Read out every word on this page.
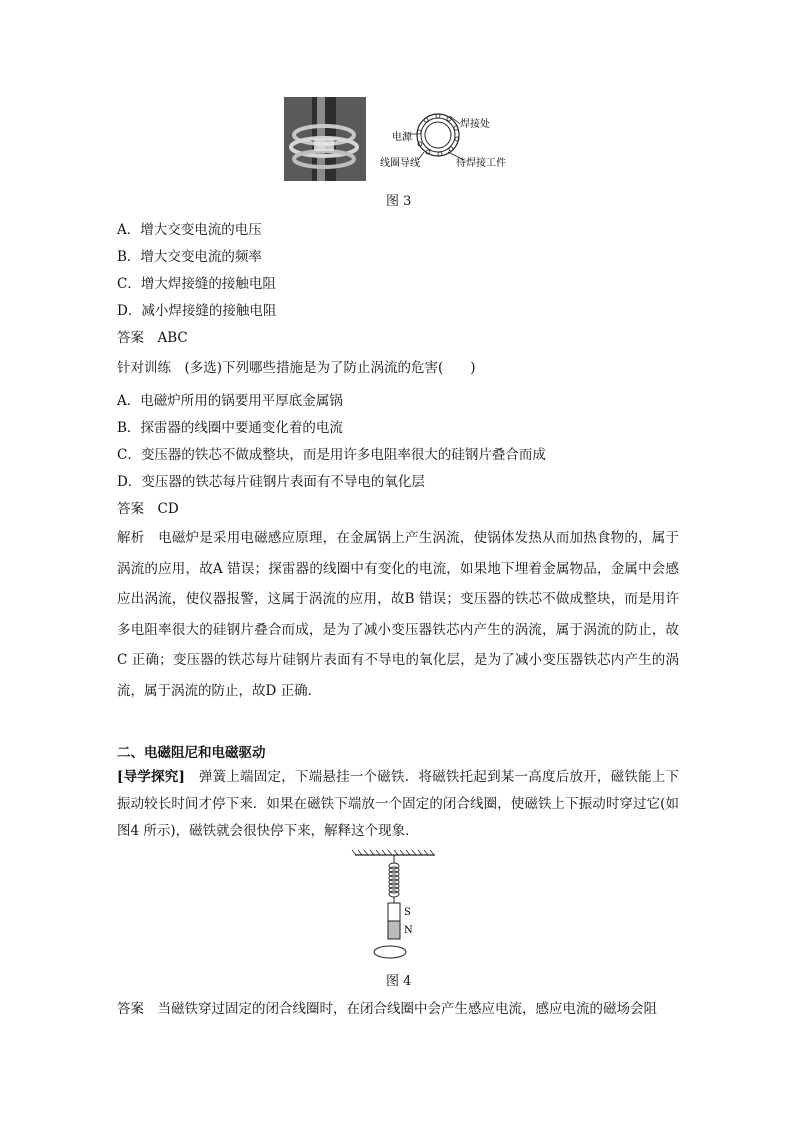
电源
焊接处
线圈导线	待焊接工件
图 3
A．增大交变电流的电压
B．增大交变电流的频率
C．增大焊接缝的接触电阻
D．减小焊接缝的接触电阻
答案　ABC
针对训练　(多选)下列哪些措施是为了防止涡流的危害(　　)
A．电磁炉所用的锅要用平厚底金属锅
B．探雷器的线圈中要通变化着的电流
C．变压器的铁芯不做成整块，而是用许多电阻率很大的硅钢片叠合而成
D．变压器的铁芯每片硅钢片表面有不导电的氧化层
答案　CD
解析　电磁炉是采用电磁感应原理，在金属锅上产生涡流，使锅体发热从而加热食物的，属于涡流的应用，故A 错误；探雷器的线圈中有变化的电流，如果地下埋着金属物品，金属中会感应出涡流，使仪器报警，这属于涡流的应用，故B 错误；变压器的铁芯不做成整块，而是用许多电阻率很大的硅钢片叠合而成，是为了减小变压器铁芯内产生的涡流，属于涡流的防止，故C 正确；变压器的铁芯每片硅钢片表面有不导电的氧化层，是为了减小变压器铁芯内产生的涡流，属于涡流的防止，故D 正确．
二、电磁阻尼和电磁驱动
[导学探究]　弹簧上端固定，下端悬挂一个磁铁．将磁铁托起到某一高度后放开，磁铁能上下振动较长时间才停下来．如果在磁铁下端放一个固定的闭合线圈，使磁铁上下振动时穿过它(如图4 所示)，磁铁就会很快停下来，解释这个现象．
S
N
图 4
答案　当磁铁穿过固定的闭合线圈时，在闭合线圈中会产生感应电流，感应电流的磁场会阻
